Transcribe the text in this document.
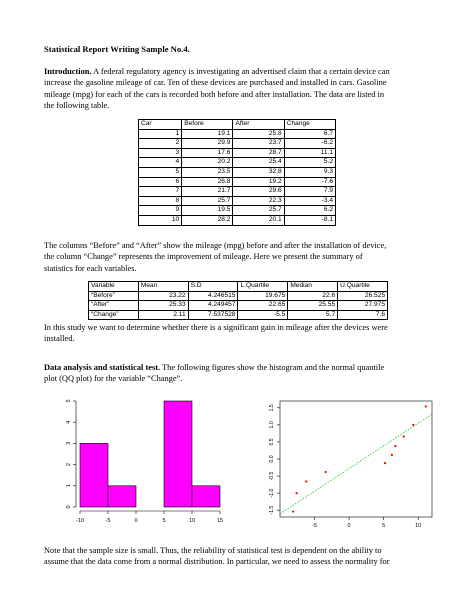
Statistical Report Writing Sample No.4.
Introduction. A federal regulatory agency is investigating an advertised claim that a certain device can
increase the gasoline mileage of car. Ten of these devices are purchased and installed in cars. Gasoline
mileage (mpg) for each of the cars is recorded both before and after installation. The data are listed in
the following table.
Car	Before	After	Change
1	19.1	25.8	6.7
2	29.9	23.7	-6.2
3	17.6	28.7	11.1
4	20.2	25.4	5.2
5	23.5	32.8	9.3
6	26.8	19.2	-7.6
7	21.7	29.6	7.9
8	25.7	22.3	-3.4
9	19.5	25.7	6.2
10	28.2	20.1	-8.1
The columns “Before” and “After” show the mileage (mpg) before and after the installation of device,
the column “Change” represents the improvement of mileage. Here we present the summary of
statistics for each variables.
Variable	Mean	S.D	L.Quartile	Median	U.Quartile
“Before”	23.22	4.246515	19.675	22.6	26.525
“After”	25.33	4.249457	22.65	25.55	27.975
“Change”	2.11	7.537528	-5.5	5.7	7.6
In this study we want to determine whether there is a significant gain in mileage after the devices were
installed.
Data analysis and statistical test. The following figures show the histogram and the normal quantile
plot (QQ plot) for the variable “Change”.
-10	-5	0	5	10	15
0
1
2
3
4
5
-5	0	5	10
-1.5
-1.0
-0.5
0.0
0.5
1.0
1.5
Note that the sample size is small. Thus, the reliability of statistical test is dependent on the ability to
assume that the data come from a normal distribution. In particular, we need to assess the normality for
